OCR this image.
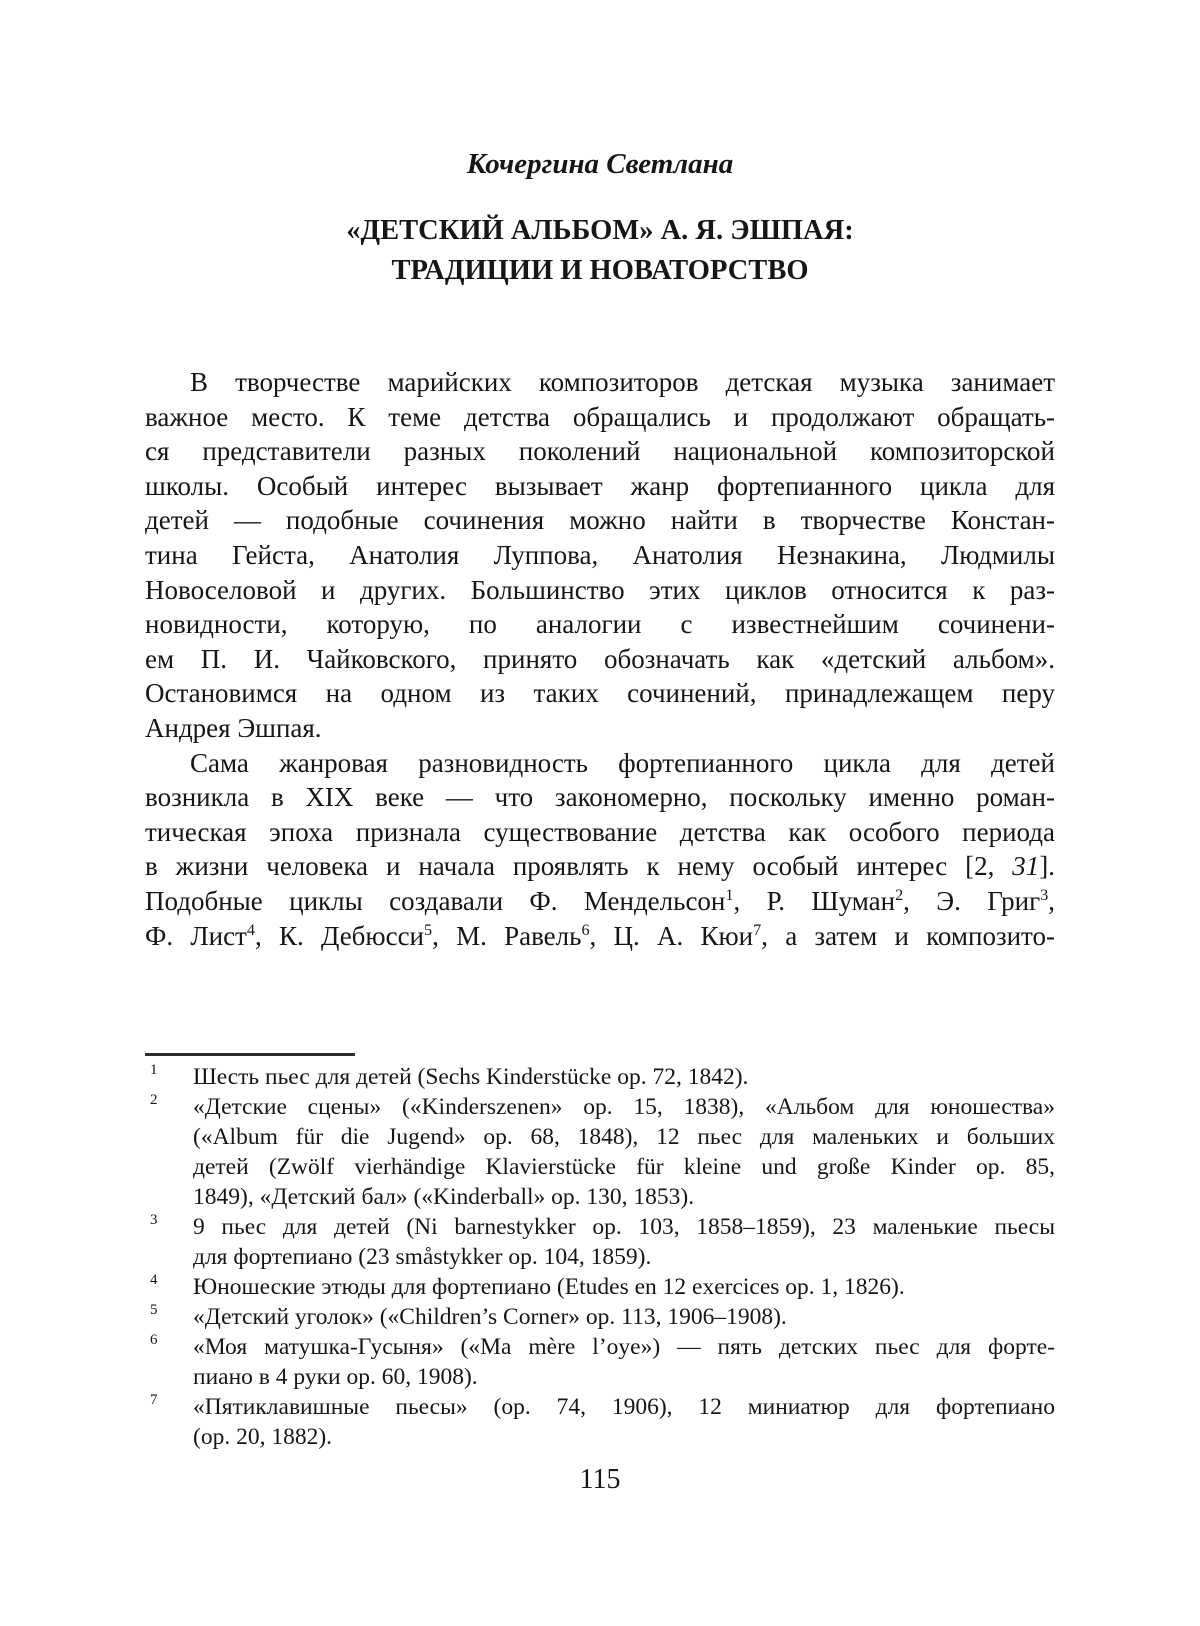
Кочергина Светлана
«ДЕТСКИЙ АЛЬБОМ» А. Я. ЭШПАЯ:
ТРАДИЦИИ И НОВАТОРСТВО
В творчестве марийских композиторов детская музыка занимает
важное место. К теме детства обращались и продолжают обращать-
ся представители разных поколений национальной композиторской
школы. Особый интерес вызывает жанр фортепианного цикла для
детей — подобные сочинения можно найти в творчестве Констан-
тина Гейста, Анатолия Луппова, Анатолия Незнакина, Людмилы
Новоселовой и других. Большинство этих циклов относится к раз-
новидности, которую, по аналогии с известнейшим сочинени-
ем П. И. Чайковского, принято обозначать как «детский альбом».
Остановимся на одном из таких сочинений, принадлежащем перу
Андрея Эшпая.
Сама жанровая разновидность фортепианного цикла для детей
возникла в XIX веке — что закономерно, поскольку именно роман-
тическая эпоха признала существование детства как особого периода
в жизни человека и начала проявлять к нему особый интерес [2, 31].
Подобные циклы создавали Ф. Мендельсон$^1$, Р. Шуман$^2$, Э. Григ$^3$,
Ф. Лист$^4$, К. Дебюсси$^5$, М. Равель$^6$, Ц. А. Кюи$^7$, а затем и композито-
1 Шесть пьес для детей (Sechs Kinderstücke op. 72, 1842).
2 «Детские сцены» («Kinderszenen» op. 15, 1838), «Альбом для юношества»
(«Album für die Jugend» op. 68, 1848), 12 пьес для маленьких и больших
детей (Zwölf vierhändige Klavierstücke für kleine und große Kinder op. 85,
1849), «Детский бал» («Kinderball» op. 130, 1853).
3 9 пьес для детей (Ni barnestykker op. 103, 1858–1859), 23 маленькие пьесы
для фортепиано (23 småstykker op. 104, 1859).
4 Юношеские этюды для фортепиано (Etudes en 12 exercices op. 1, 1826).
5 «Детский уголок» («Children’s Corner» op. 113, 1906–1908).
6 «Моя матушка-Гусыня» («Ma mère l’oye») — пять детских пьес для форте-
пиано в 4 руки op. 60, 1908).
7 «Пятиклавишные пьесы» (op. 74, 1906), 12 миниатюр для фортепиано
(op. 20, 1882).
115
